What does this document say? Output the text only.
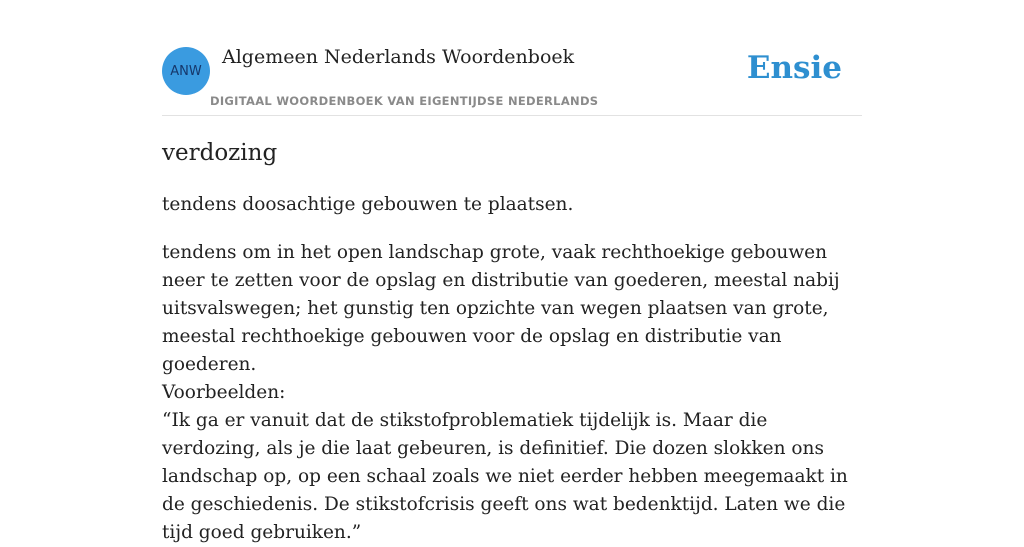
ANW
Algemeen Nederlands Woordenboek
DIGITAAL WOORDENBOEK VAN EIGENTIJDSE NEDERLANDS
Ensie
verdozing
tendens doosachtige gebouwen te plaatsen.

tendens om in het open landschap grote, vaak rechthoekige gebouwen neer te zetten voor de opslag en distributie van goederen, meestal nabij uitsvalswegen; het gunstig ten opzichte van wegen plaatsen van grote, meestal rechthoekige gebouwen voor de opslag en distributie van goederen.

Voorbeelden:

“Ik ga er vanuit dat de stikstofproblematiek tijdelijk is. Maar die verdozing, als je die laat gebeuren, is definitief. Die dozen slokken ons landschap op, op een schaal zoals we niet eerder hebben meegemaakt in de geschiedenis. De stikstofcrisis geeft ons wat bedenktijd. Laten we die tijd goed gebruiken.”
